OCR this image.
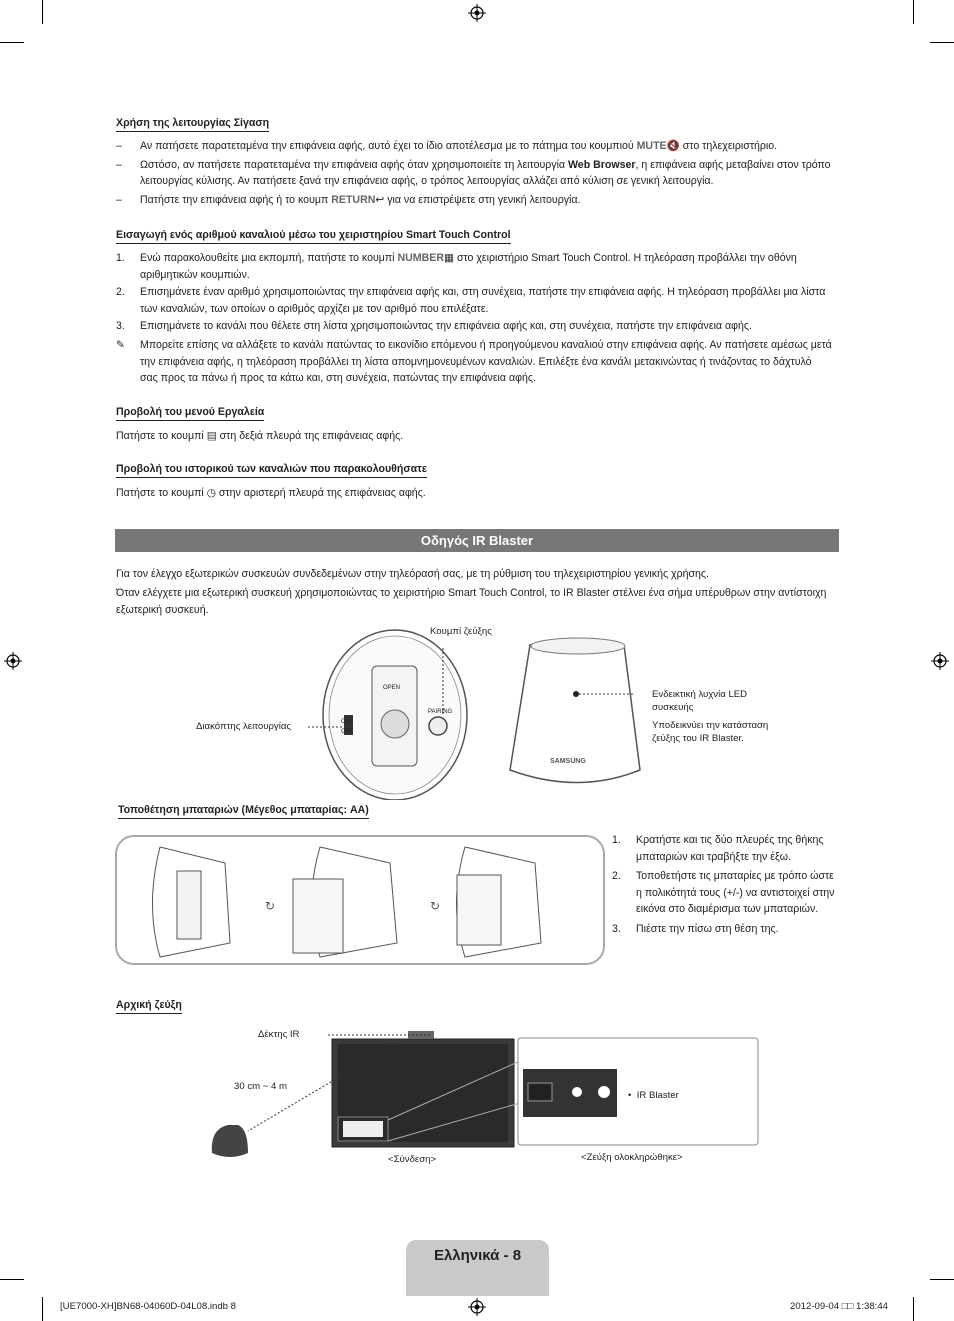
Χρήση της λειτουργίας Σίγαση
– Αν πατήσετε παρατεταμένα την επιφάνεια αφής, αυτό έχει το ίδιο αποτέλεσμα με το πάτημα του κουμπιού MUTE🔇 στο τηλεχειριστήριο.
– Ωστόσο, αν πατήσετε παρατεταμένα την επιφάνεια αφής όταν χρησιμοποιείτε τη λειτουργία Web Browser, η επιφάνεια αφής μεταβαίνει στον τρόπο λειτουργίας κύλισης. Αν πατήσετε ξανά την επιφάνεια αφής, ο τρόπος λειτουργίας αλλάζει από κύλιση σε γενική λειτουργία.
– Πατήστε την επιφάνεια αφής ή το κουμπ RETURN↩ για να επιστρέψετε στη γενική λειτουργία.
Εισαγωγή ενός αριθμού καναλιού μέσω του χειριστηρίου Smart Touch Control
1. Ενώ παρακολουθείτε μια εκπομπή, πατήστε το κουμπί NUMBER▦ στο χειριστήριο Smart Touch Control. Η τηλεόραση προβάλλει την οθόνη αριθμητικών κουμπιών.
2. Επισημάνετε έναν αριθμό χρησιμοποιώντας την επιφάνεια αφής και, στη συνέχεια, πατήστε την επιφάνεια αφής. Η τηλεόραση προβάλλει μια λίστα των καναλιών, των οποίων ο αριθμός αρχίζει με τον αριθμό που επιλέξατε.
3. Επισημάνετε το κανάλι που θέλετε στη λίστα χρησιμοποιώντας την επιφάνεια αφής και, στη συνέχεια, πατήστε την επιφάνεια αφής.
✎ Μπορείτε επίσης να αλλάξετε το κανάλι πατώντας το εικονίδιο επόμενου ή προηγούμενου καναλιού στην επιφάνεια αφής. Αν πατήσετε αμέσως μετά την επιφάνεια αφής, η τηλεόραση προβάλλει τη λίστα απομνημονευμένων καναλιών. Επιλέξτε ένα κανάλι μετακινώντας ή τινάζοντας το δάχτυλό σας προς τα πάνω ή προς τα κάτω και, στη συνέχεια, πατώντας την επιφάνεια αφής.
Προβολή του μενού Εργαλεία
Πατήστε το κουμπί ▤ στη δεξιά πλευρά της επιφάνειας αφής.
Προβολή του ιστορικού των καναλιών που παρακολουθήσατε
Πατήστε το κουμπί ◷ στην αριστερή πλευρά της επιφάνειας αφής.
Οδηγός IR Blaster
Για τον έλεγχο εξωτερικών συσκευών συνδεδεμένων στην τηλεόρασή σας, με τη ρύθμιση του τηλεχειριστηρίου γενικής χρήσης.
Όταν ελέγχετε μια εξωτερική συσκευή χρησιμοποιώντας το χειριστήριο Smart Touch Control, το IR Blaster στέλνει ένα σήμα υπέρυθρων στην αντίστοιχη εξωτερική συσκευή.
Κουμπί ζεύξης
Διακόπτης λειτουργίας
OPEN
PAIRING
ON
OFF
SAMSUNG
Ενδεικτική λυχνία LED συσκευής
Υποδεικνύει την κατάσταση ζεύξης του IR Blaster.
Τοποθέτηση μπαταριών (Μέγεθος μπαταρίας: AA)
↻	↻
1. Κρατήστε και τις δύο πλευρές της θήκης μπαταριών και τραβήξτε την έξω.
2. Τοποθετήστε τις μπαταρίες με τρόπο ώστε η πολικότητά τους (+/-) να αντιστοιχεί στην εικόνα στο διαμέρισμα των μπαταριών.
3. Πιέστε την πίσω στη θέση της.
Αρχική ζεύξη
Δέκτης IR
30 cm ~ 4 m
<Σύνδεση>	<Ζεύξη ολοκληρώθηκε>
•  IR Blaster
Ελληνικά - 8
[UE7000-XH]BN68-04060D-04L08.indb 8	2012-09-04 □□ 1:38:44
